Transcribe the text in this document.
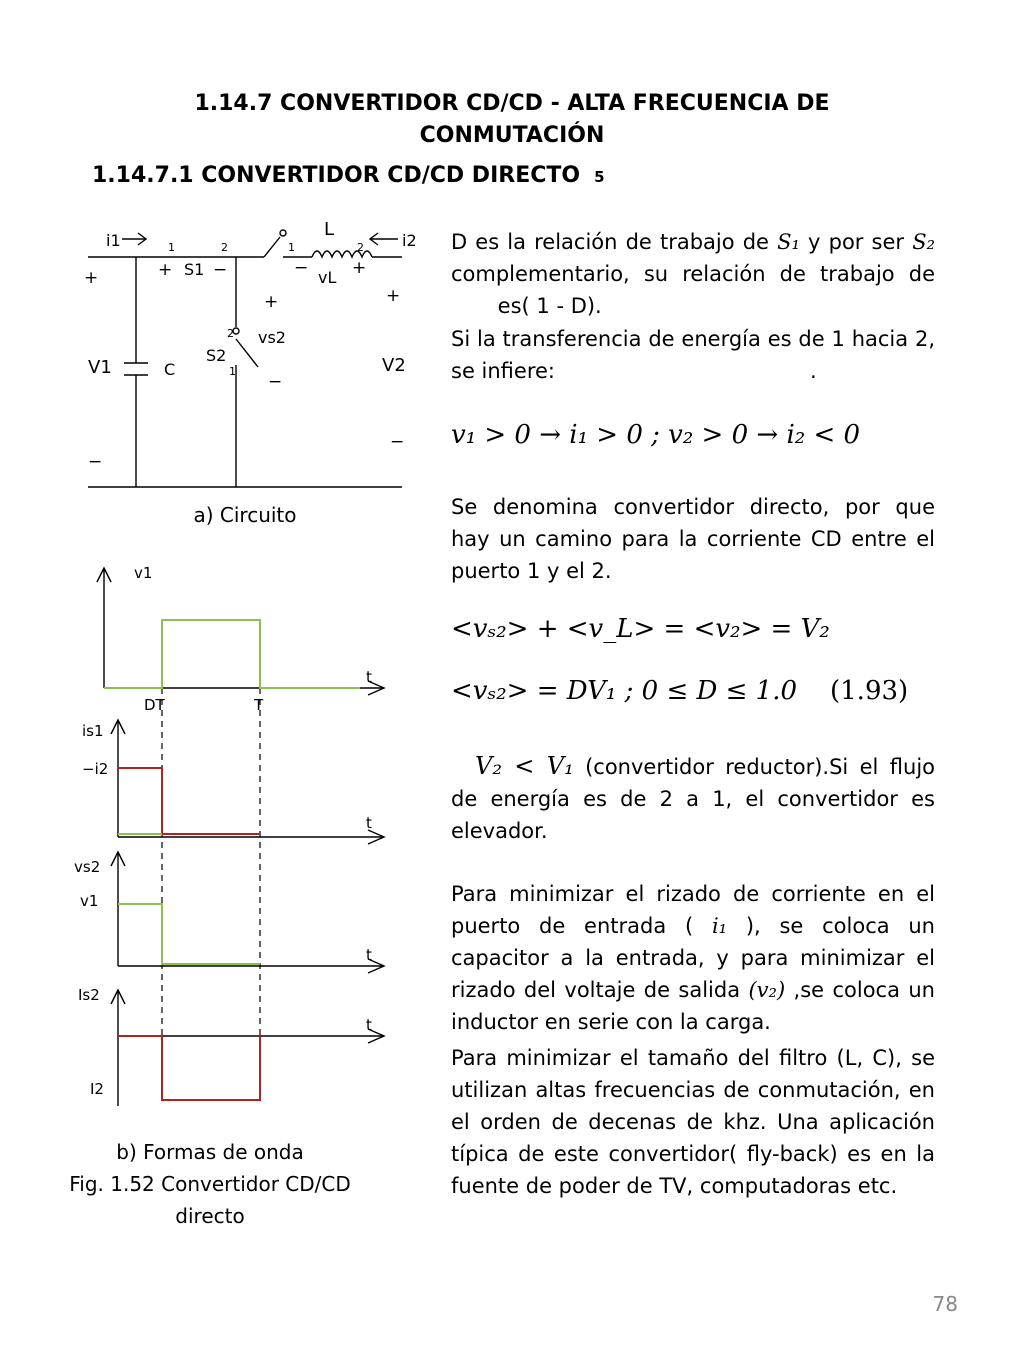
1.14.7 CONVERTIDOR CD/CD - ALTA FRECUENCIA DE
CONMUTACIÓN
1.14.7.1 CONVERTIDOR CD/CD DIRECTO 5
D es la relación de trabajo de S₁ y por ser S₂ complementario, su relación de trabajo de  es( 1 - D).
Si la transferencia de energía es de 1 hacia 2, se infiere:	.
v₁ > 0 → i₁ > 0 ; v₂ > 0 → i₂ < 0
Se denomina convertidor directo, por que hay un camino para la corriente CD entre el puerto 1 y el 2.
<vₛ₂> + <v_L> = <v₂> = V₂
<vₛ₂> = DV₁ ; 0 ≤ D ≤ 1.0 (1.93)
V₂ < V₁ (convertidor reductor).Si el flujo de energía es de 2 a 1, el convertidor es elevador.
Para minimizar el rizado de corriente en el puerto de entrada ( i₁ ), se coloca un capacitor a la entrada, y para minimizar el rizado del voltaje de salida (v₂) ,se coloca un inductor en serie con la carga.
Para minimizar el tamaño del filtro (L, C), se utilizan altas frecuencias de conmutación, en el orden de decenas de khz. Una aplicación típica de este convertidor( fly-back) es en la fuente de poder de TV, computadoras etc.
i1	i2
L
S1
S2
C
V1	V2
vL
vs2
1	2	1	2
2
1
+	+ −	−	+
+	+
−
−
−
a) Circuito
v1
t
DT	T
is1
−i2
t
vs2
v1
t
Is2
t
I2
b) Formas de onda
Fig. 1.52 Convertidor CD/CD
directo
78
